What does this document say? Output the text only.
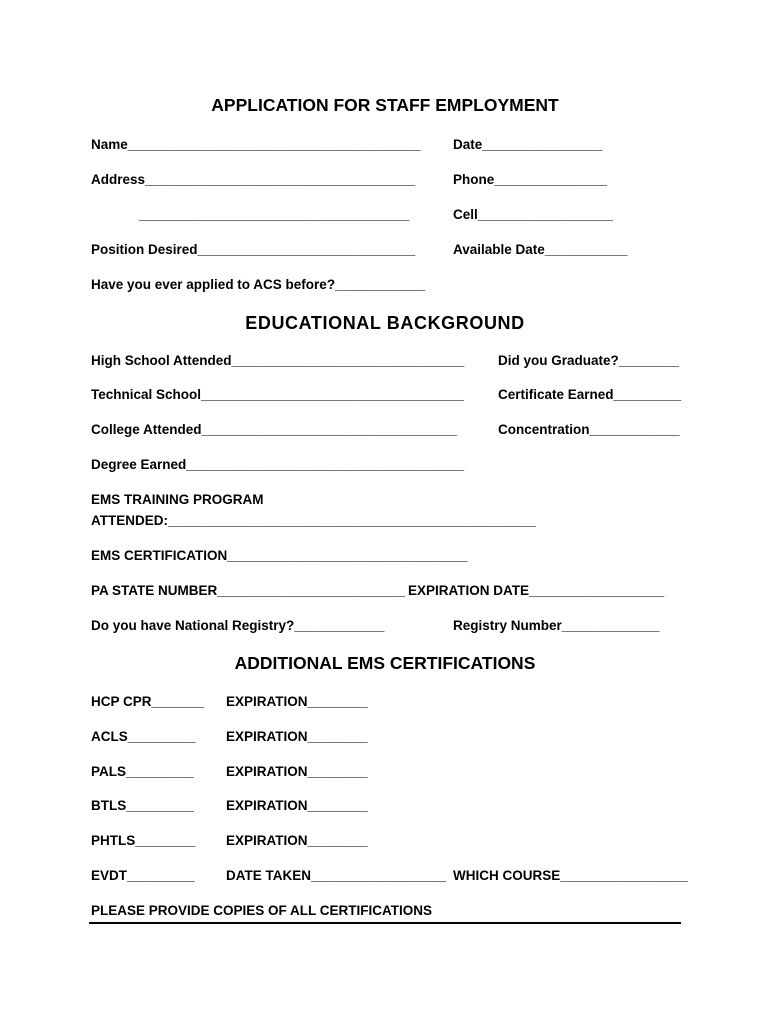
APPLICATION FOR STAFF EMPLOYMENT
Name_______________________________________ Date________________
Address____________________________________	Phone_______________
____________________________________	Cell__________________
Position Desired_____________________________	Available Date___________
Have you ever applied to ACS before?____________
EDUCATIONAL BACKGROUND
High School Attended_______________________________	Did you Graduate?________
Technical School___________________________________	Certificate Earned_________
College Attended__________________________________	Concentration____________
Degree Earned_____________________________________
EMS TRAINING PROGRAM
ATTENDED:_________________________________________________
EMS CERTIFICATION________________________________
PA STATE NUMBER_________________________ EXPIRATION DATE__________________
Do you have National Registry?____________	Registry Number_____________
ADDITIONAL EMS CERTIFICATIONS
HCP CPR_______ EXPIRATION________
ACLS_________ EXPIRATION________
PALS_________ EXPIRATION________
BTLS_________ EXPIRATION________
PHTLS________ EXPIRATION________
EVDT_________ DATE TAKEN__________________ WHICH COURSE_________________
PLEASE PROVIDE COPIES OF ALL CERTIFICATIONS
